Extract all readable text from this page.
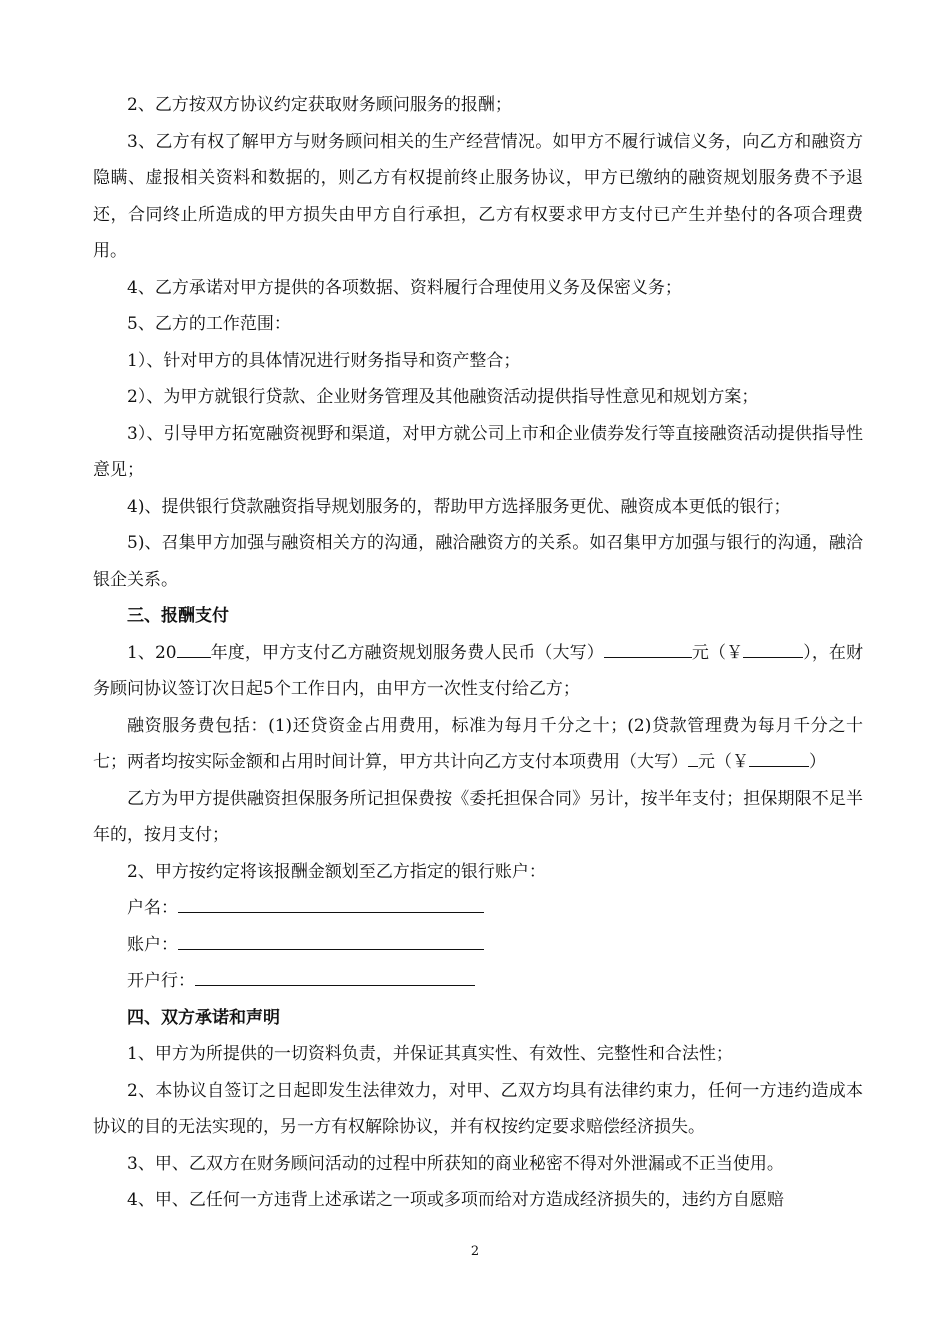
2、乙方按双方协议约定获取财务顾问服务的报酬；

3、乙方有权了解甲方与财务顾问相关的生产经营情况。如甲方不履行诚信义务，向乙方和融资方隐瞒、虚报相关资料和数据的，则乙方有权提前终止服务协议，甲方已缴纳的融资规划服务费不予退还，合同终止所造成的甲方损失由甲方自行承担，乙方有权要求甲方支付已产生并垫付的各项合理费用。

4、乙方承诺对甲方提供的各项数据、资料履行合理使用义务及保密义务；

5、乙方的工作范围：

1）、针对甲方的具体情况进行财务指导和资产整合；

2）、为甲方就银行贷款、企业财务管理及其他融资活动提供指导性意见和规划方案；

3）、引导甲方拓宽融资视野和渠道，对甲方就公司上市和企业债券发行等直接融资活动提供指导性意见；

4)、提供银行贷款融资指导规划服务的，帮助甲方选择服务更优、融资成本更低的银行；

5)、召集甲方加强与融资相关方的沟通，融洽融资方的关系。如召集甲方加强与银行的沟通，融洽银企关系。

三、报酬支付

1、20 年度，甲方支付乙方融资规划服务费人民币（大写）	元（￥	），在财务顾问协议签订次日起5个工作日内，由甲方一次性支付给乙方；

融资服务费包括：(1)还贷资金占用费用，标准为每月千分之十；(2)贷款管理费为每月千分之十七；两者均按实际金额和占用时间计算，甲方共计向乙方支付本项费用（大写） 元（￥	）

乙方为甲方提供融资担保服务所记担保费按《委托担保合同》另计，按半年支付；担保期限不足半年的，按月支付；

2、甲方按约定将该报酬金额划至乙方指定的银行账户：

户名：

账户：

开户行：

四、双方承诺和声明

1、甲方为所提供的一切资料负责，并保证其真实性、有效性、完整性和合法性；

2、本协议自签订之日起即发生法律效力，对甲、乙双方均具有法律约束力，任何一方违约造成本协议的目的无法实现的，另一方有权解除协议，并有权按约定要求赔偿经济损失。

3、甲、乙双方在财务顾问活动的过程中所获知的商业秘密不得对外泄漏或不正当使用。

4、甲、乙任何一方违背上述承诺之一项或多项而给对方造成经济损失的，违约方自愿赔

2
